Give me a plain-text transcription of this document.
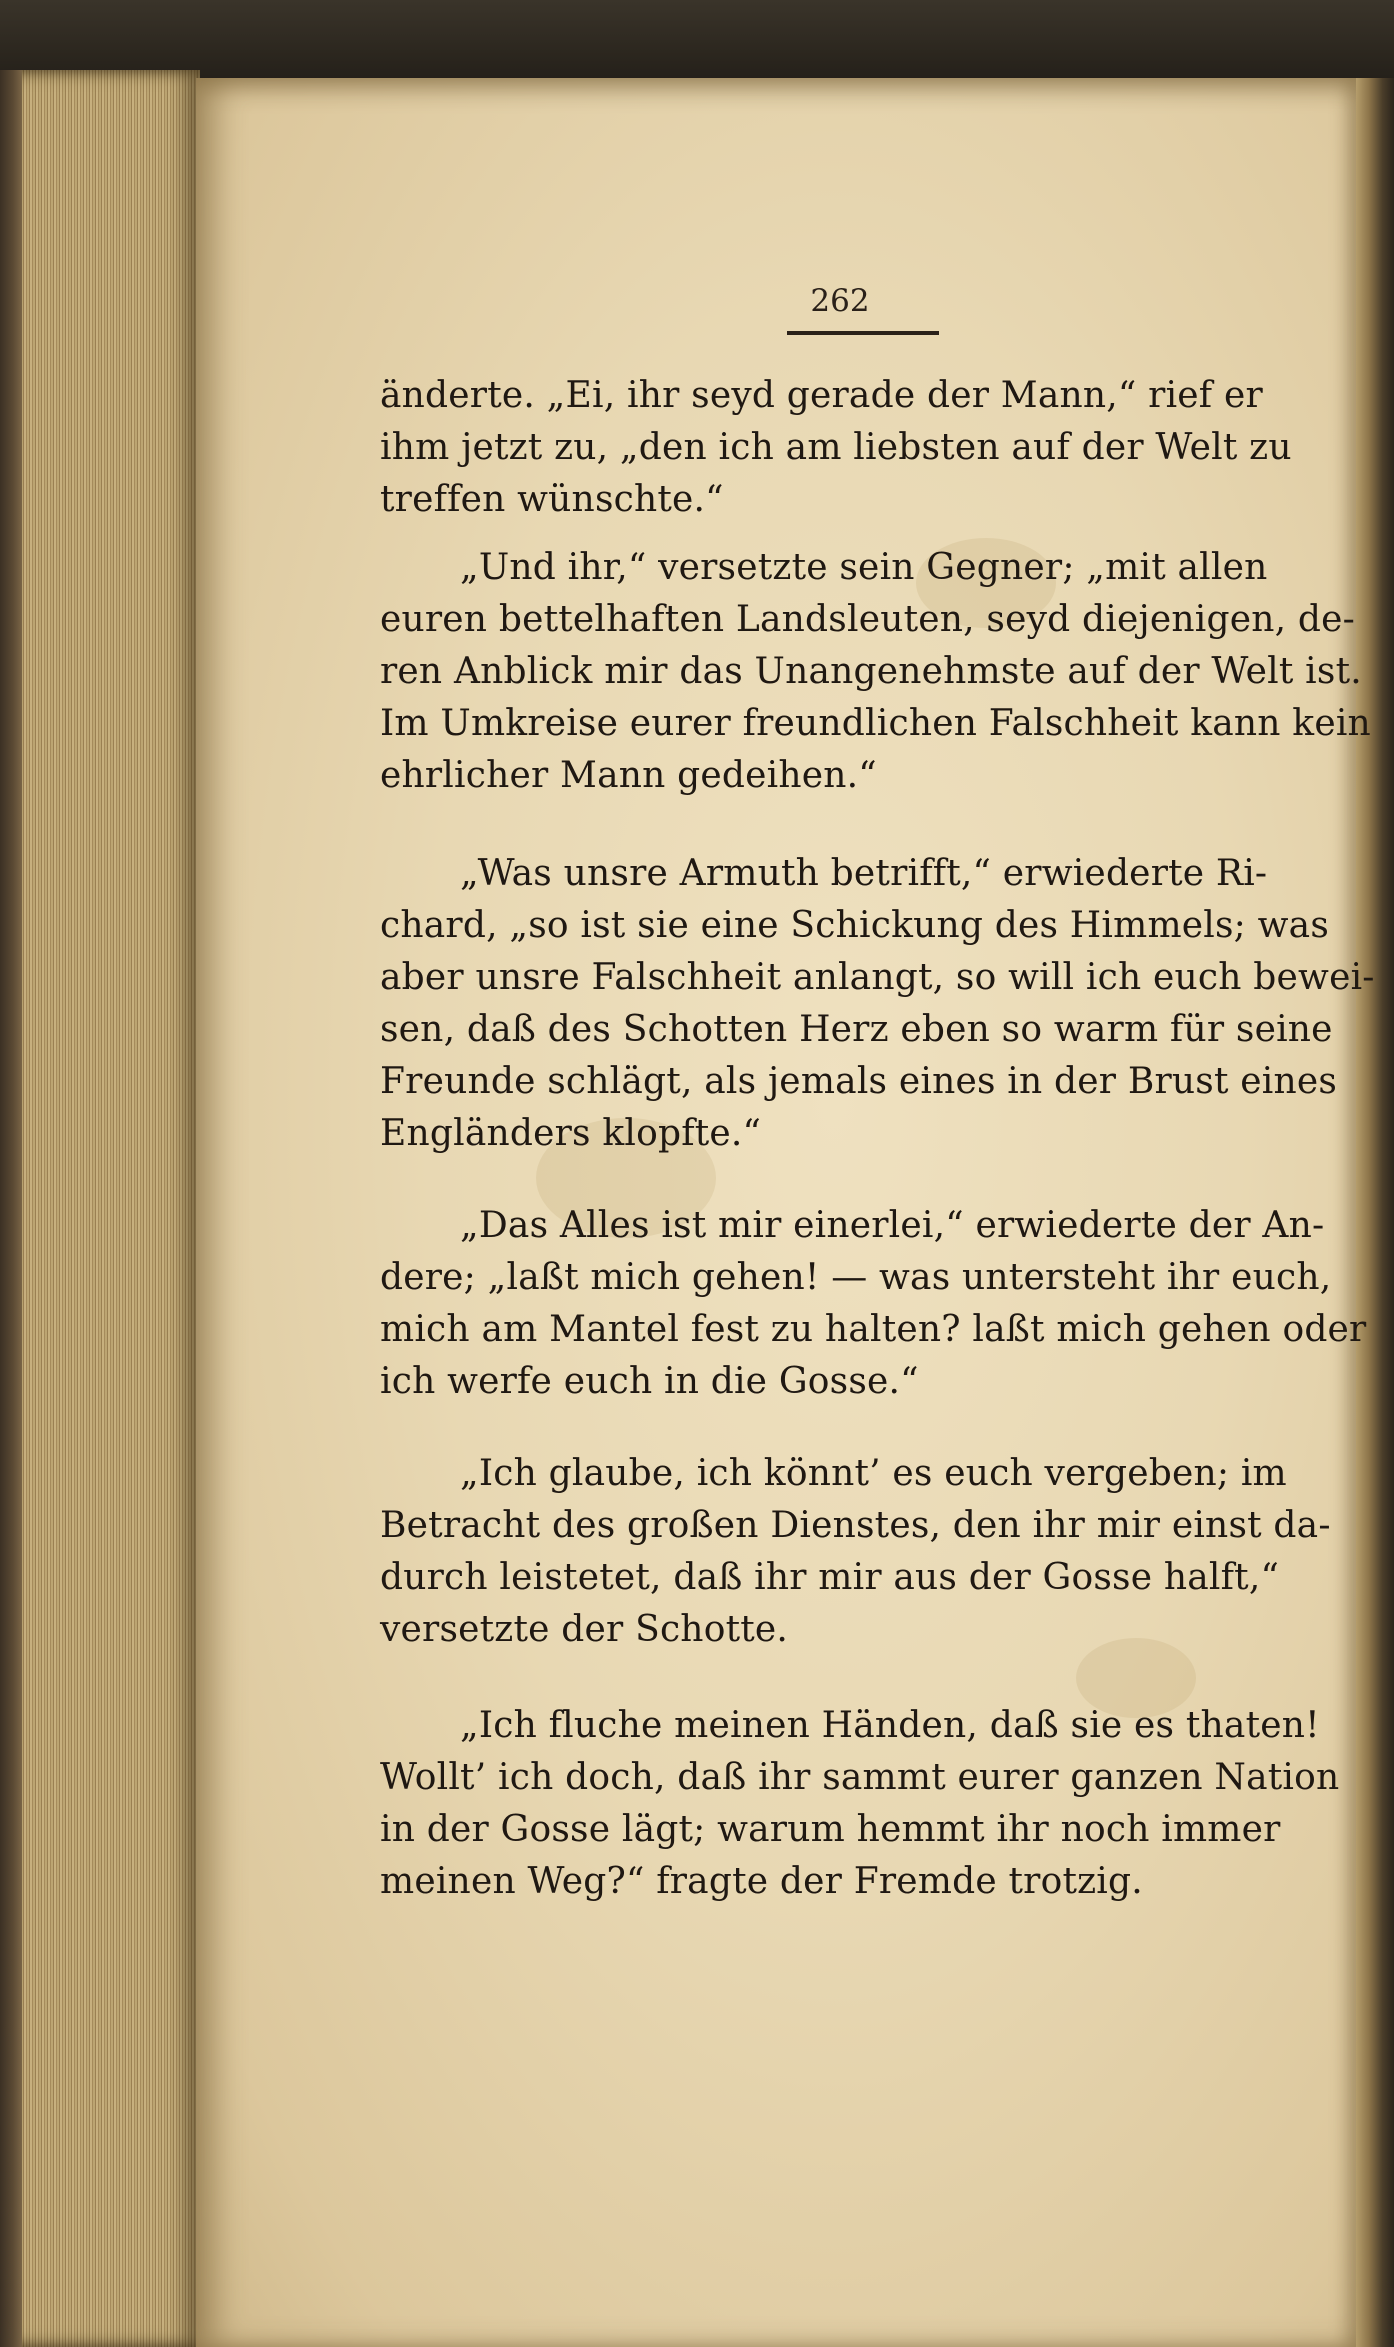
262
änderte. „Ei, ihr seyd gerade der Mann,“ rief er
ihm jetzt zu, „den ich am liebsten auf der Welt zu
treffen wünschte.“
„Und ihr,“ versetzte sein Gegner; „mit allen
euren bettelhaften Landsleuten, seyd diejenigen, de-
ren Anblick mir das Unangenehmste auf der Welt ist.
Im Umkreise eurer freundlichen Falschheit kann kein
ehrlicher Mann gedeihen.“
„Was unsre Armuth betrifft,“ erwiederte Ri-
chard, „so ist sie eine Schickung des Himmels; was
aber unsre Falschheit anlangt, so will ich euch bewei-
sen, daß des Schotten Herz eben so warm für seine
Freunde schlägt, als jemals eines in der Brust eines
Engländers klopfte.“
„Das Alles ist mir einerlei,“ erwiederte der An-
dere; „laßt mich gehen! — was untersteht ihr euch,
mich am Mantel fest zu halten? laßt mich gehen oder
ich werfe euch in die Gosse.“
„Ich glaube, ich könnt’ es euch vergeben; im
Betracht des großen Dienstes, den ihr mir einst da-
durch leistetet, daß ihr mir aus der Gosse halft,“
versetzte der Schotte.
„Ich fluche meinen Händen, daß sie es thaten!
Wollt’ ich doch, daß ihr sammt eurer ganzen Nation
in der Gosse lägt; warum hemmt ihr noch immer
meinen Weg?“ fragte der Fremde trotzig.
